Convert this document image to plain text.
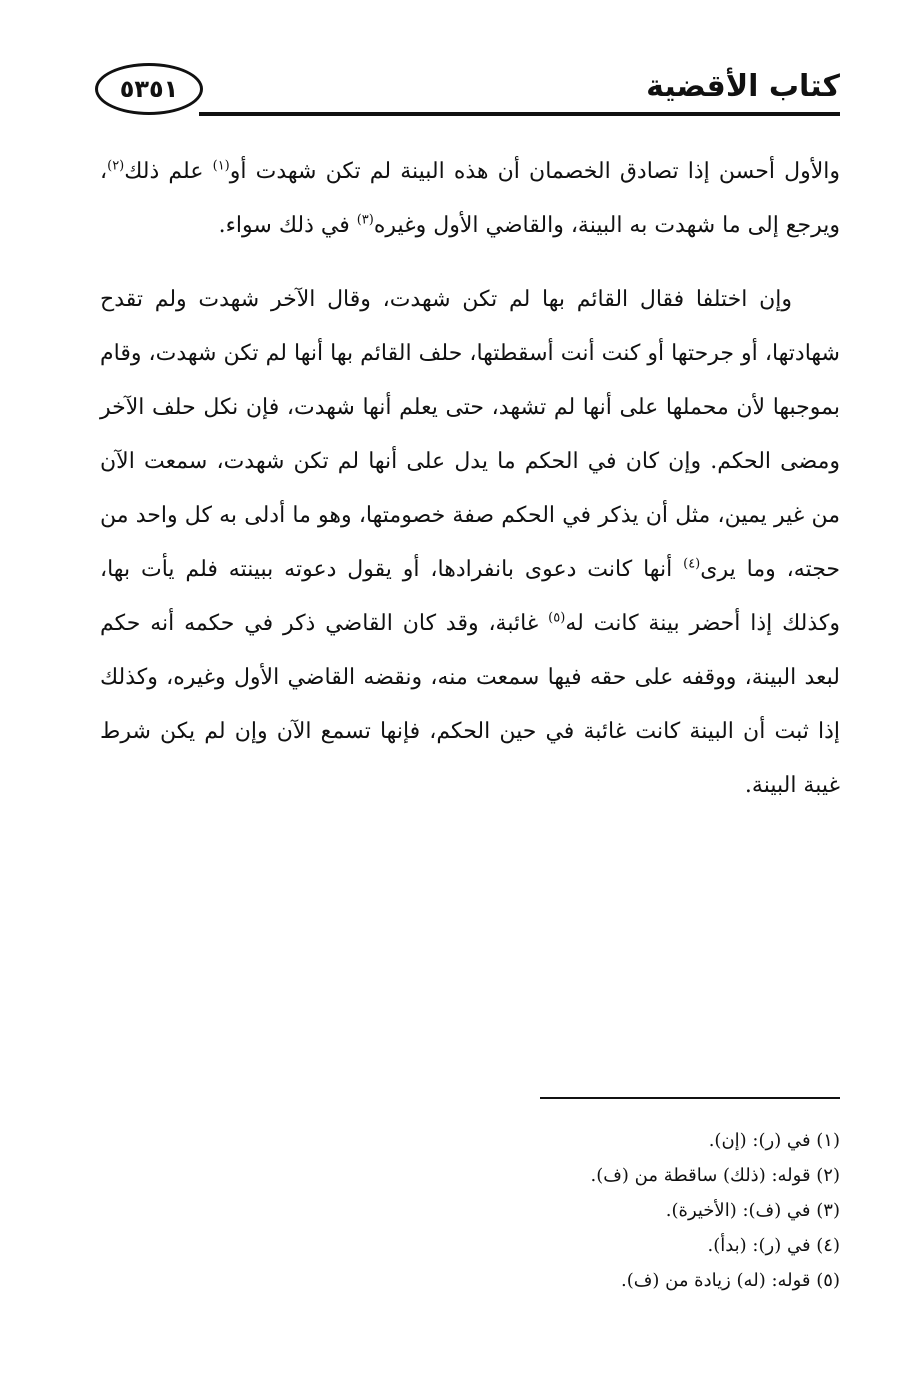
٥٣٥١	كتاب الأقضية

والأول أحسن إذا تصادق الخصمان أن هذه البينة لم تكن شهدت أو$^{(١)}$ علم ذلك$^{(٢)}$، ويرجع إلى ما شهدت به البينة، والقاضي الأول وغيره$^{(٣)}$ في ذلك سواء.

وإن اختلفا فقال القائم بها لم تكن شهدت، وقال الآخر شهدت ولم تقدح شهادتها، أو جرحتها أو كنت أنت أسقطتها، حلف القائم بها أنها لم تكن شهدت، وقام بموجبها لأن محملها على أنها لم تشهد، حتى يعلم أنها شهدت، فإن نكل حلف الآخر ومضى الحكم. وإن كان في الحكم ما يدل على أنها لم تكن شهدت، سمعت الآن من غير يمين، مثل أن يذكر في الحكم صفة خصومتها، وهو ما أدلى به كل واحد من حجته، وما يرى$^{(٤)}$ أنها كانت دعوى بانفرادها، أو يقول دعوته ببينته فلم يأت بها، وكذلك إذا أحضر بينة كانت له$^{(٥)}$ غائبة، وقد كان القاضي ذكر في حكمه أنه حكم لبعد البينة، ووقفه على حقه فيها سمعت منه، ونقضه القاضي الأول وغيره، وكذلك إذا ثبت أن البينة كانت غائبة في حين الحكم، فإنها تسمع الآن وإن لم يكن شرط غيبة البينة.

(١) في (ر): (إن).
(٢) قوله: (ذلك) ساقطة من (ف).
(٣) في (ف): (الأخيرة).
(٤) في (ر): (بدأ).
(٥) قوله: (له) زيادة من (ف).
